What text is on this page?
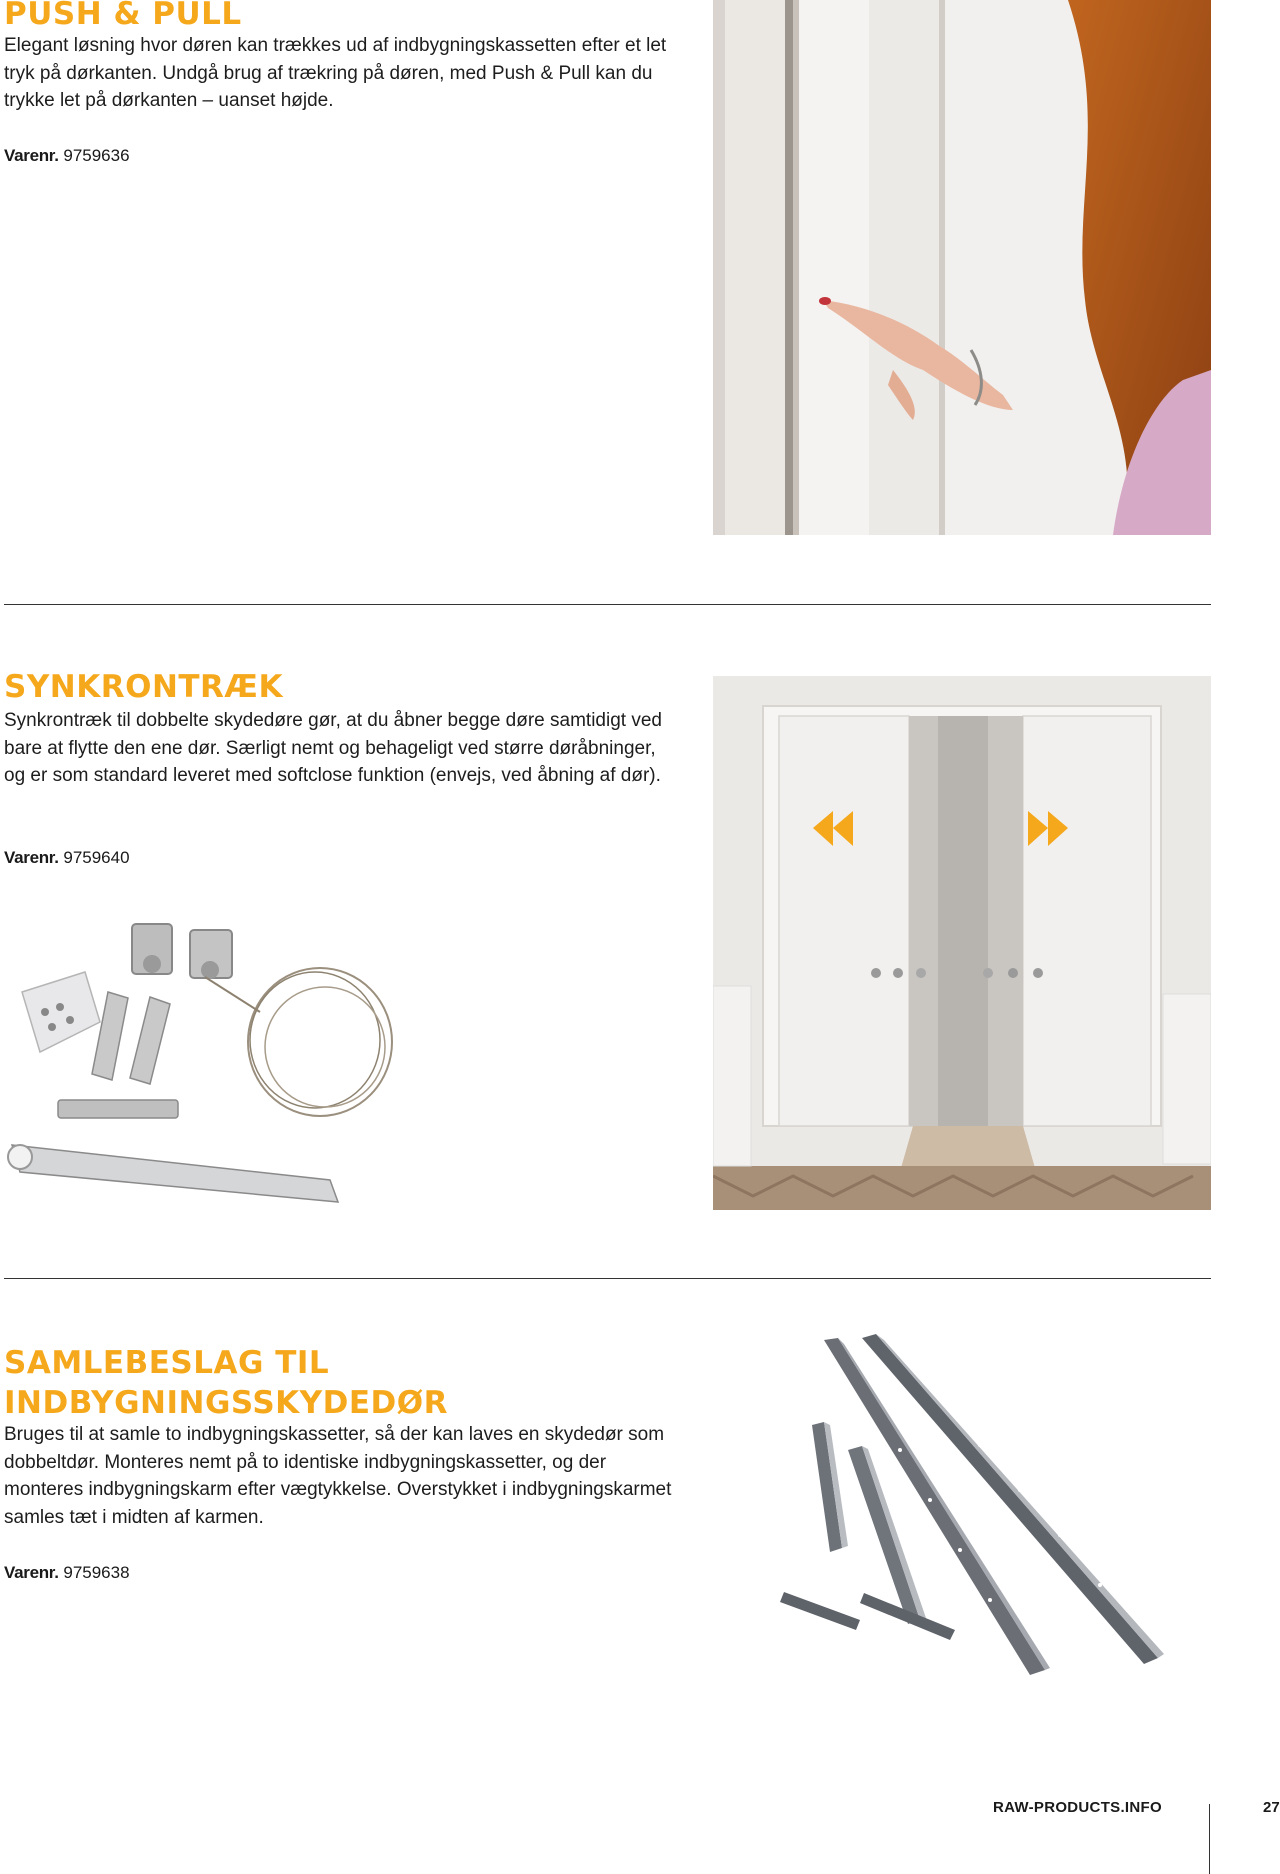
PUSH & PULL

Elegant løsning hvor døren kan trækkes ud af indbygningskassetten efter et let tryk på dørkanten. Undgå brug af trækring på døren, med Push & Pull kan du trykke let på dørkanten – uanset højde.

Varenr. 9759636
SYNKRONTRÆK

Synkrontræk til dobbelte skydedøre gør, at du åbner begge døre samtidigt ved bare at flytte den ene dør. Særligt nemt og behageligt ved større døråbninger, og er som standard leveret med softclose funktion (envejs, ved åbning af dør).

Varenr. 9759640
SAMLEBESLAG TIL INDBYGNINGSSKYDEDØR

Bruges til at samle to indbygningskassetter, så der kan laves en skydedør som dobbeltdør. Monteres nemt på to identiske indbygningskassetter, og der monteres indbygningskarm efter vægtykkelse. Overstykket i indbygningskarmet samles tæt i midten af karmen.

Varenr. 9759638
RAW-PRODUCTS.INFO	27
